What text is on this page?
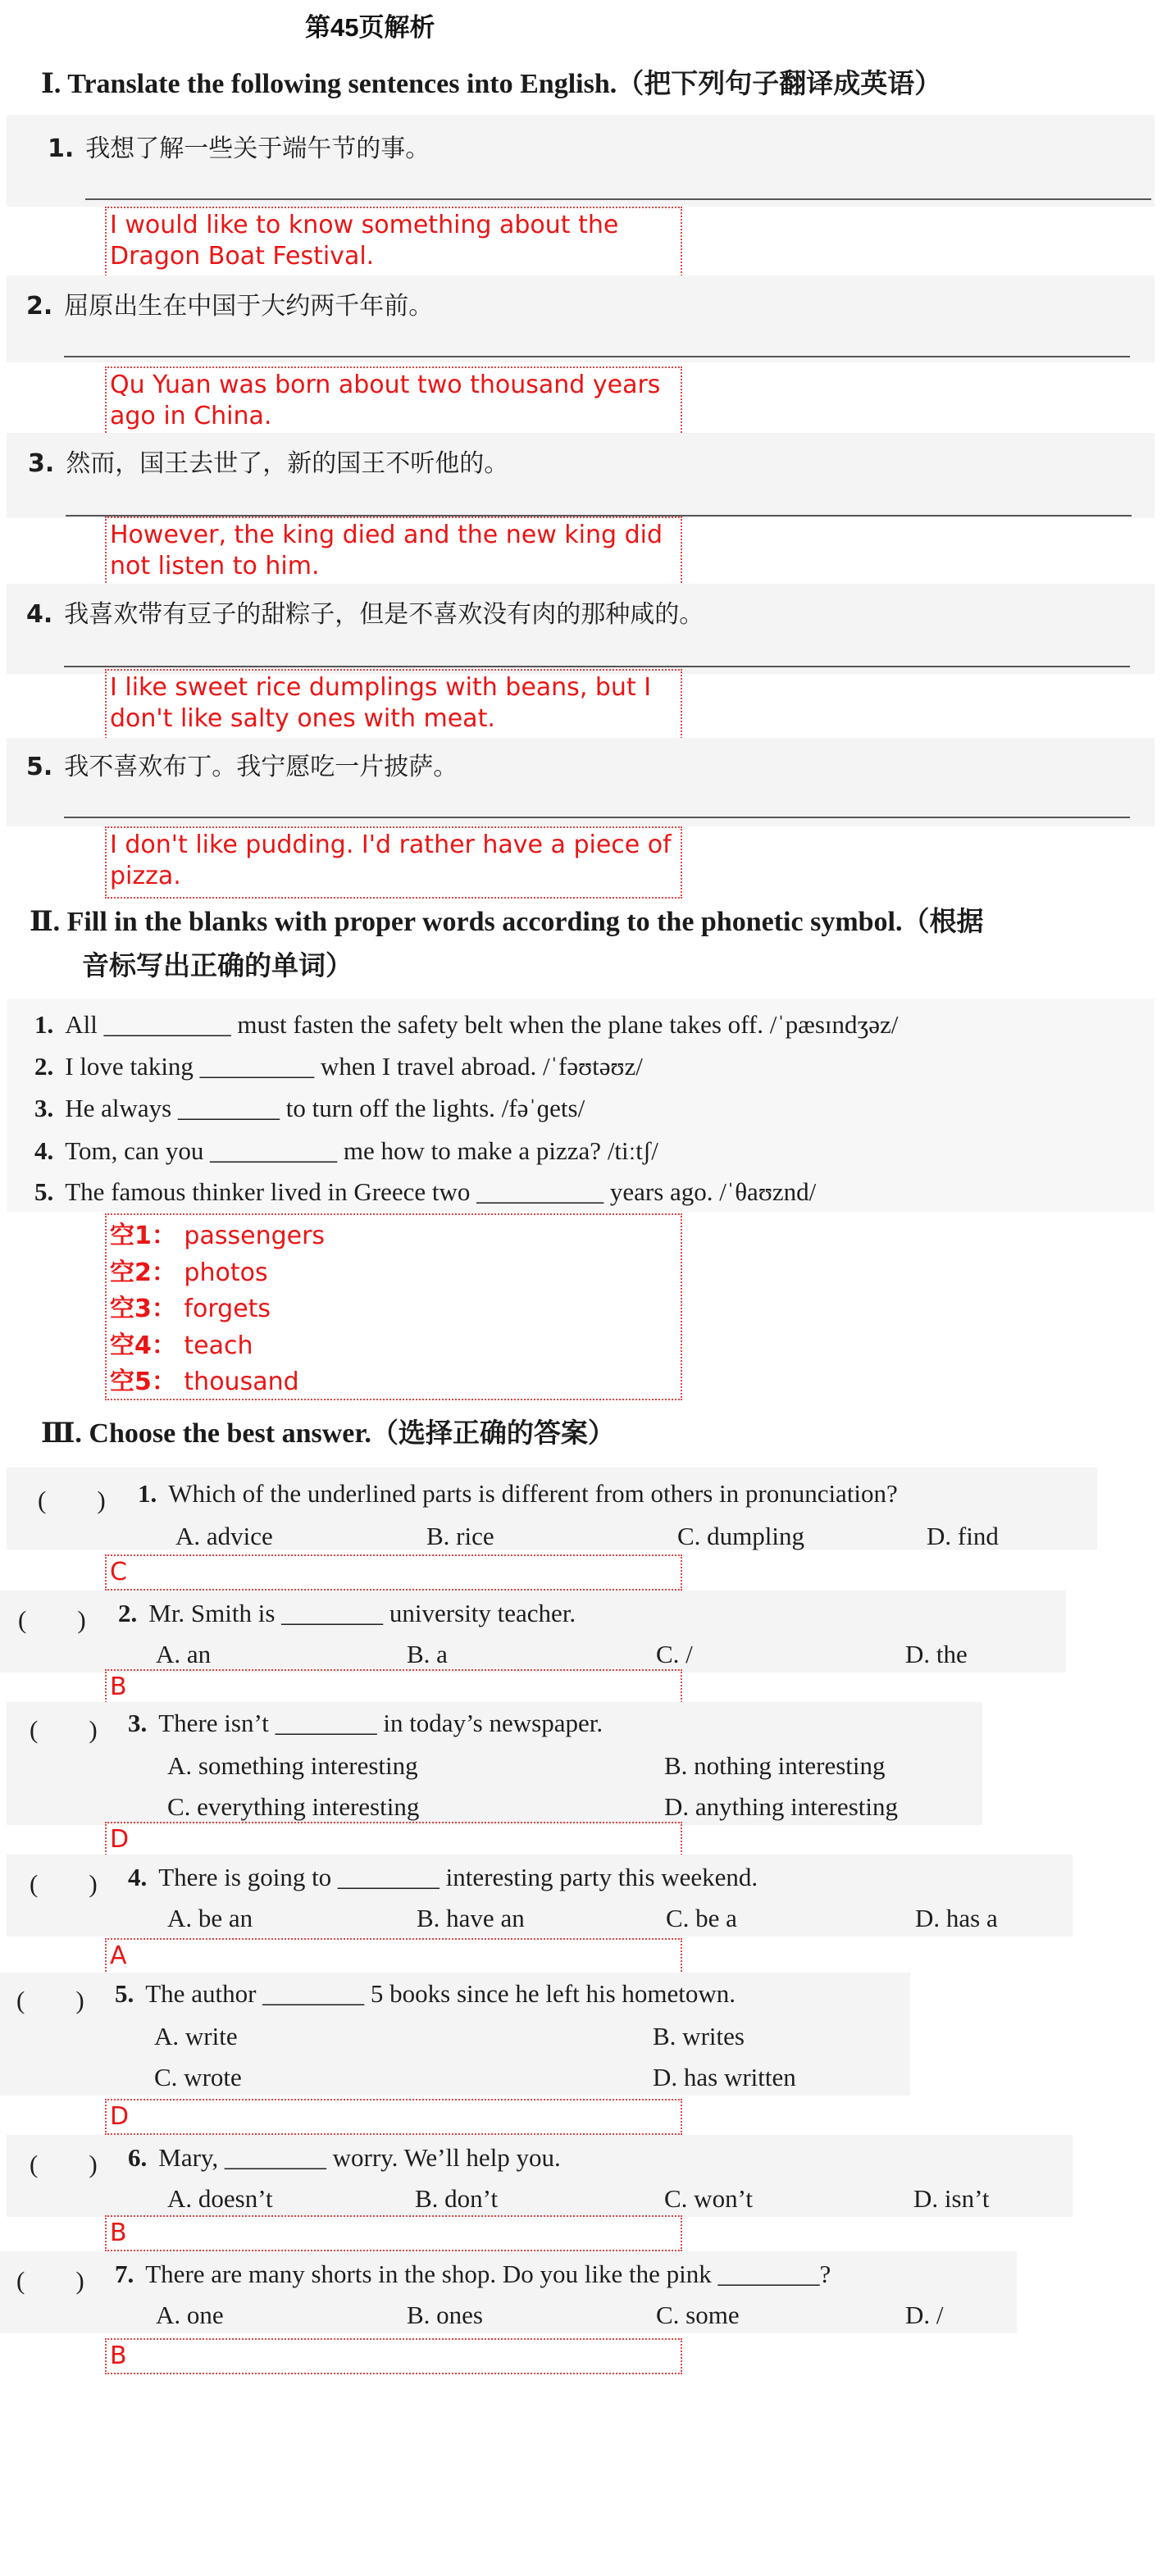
第45页解析
Ⅰ. Translate the following sentences into English.（把下列句子翻译成英语）
1. 我想了解一些关于端午节的事。
I would like to know something about the Dragon Boat Festival.
2. 屈原出生在中国于大约两千年前。
Qu Yuan was born about two thousand years ago in China.
3. 然而，国王去世了，新的国王不听他的。
However, the king died and the new king did not listen to him.
4. 我喜欢带有豆子的甜粽子，但是不喜欢没有肉的那种咸的。
I like sweet rice dumplings with beans, but I don't like salty ones with meat.
5. 我不喜欢布丁。我宁愿吃一片披萨。
I don't like pudding. I'd rather have a piece of pizza.
Ⅱ. Fill in the blanks with proper words according to the phonetic symbol.（根据
音标写出正确的单词）
1. All __________ must fasten the safety belt when the plane takes off. /ˈpæsɪndʒəz/
2. I love taking _________ when I travel abroad. /ˈfəʊtəʊz/
3. He always ________ to turn off the lights. /fəˈɡets/
4. Tom, can you __________ me how to make a pizza? /tiːtʃ/
5. The famous thinker lived in Greece two __________ years ago. /ˈθaʊznd/
空1： passengers
空2： photos
空3： forgets
空4： teach
空5： thousand
Ⅲ. Choose the best answer.（选择正确的答案）
(　　) 1. Which of the underlined parts is different from others in pronunciation?
A. advice	B. rice	C. dumpling	D. find
C
(　　) 2. Mr. Smith is ________ university teacher.
A. an	B. a	C. /	D. the
B
(　　) 3. There isn’t ________ in today’s newspaper.
A. something interesting	B. nothing interesting
C. everything interesting	D. anything interesting
D
(　　) 4. There is going to ________ interesting party this weekend.
A. be an	B. have an	C. be a	D. has a
A
(　　) 5. The author ________ 5 books since he left his hometown.
A. write	B. writes
C. wrote	D. has written
D
(　　) 6. Mary, ________ worry. We’ll help you.
A. doesn’t	B. don’t	C. won’t	D. isn’t
B
(　　) 7. There are many shorts in the shop. Do you like the pink ________?
A. one	B. ones	C. some	D. /
B
